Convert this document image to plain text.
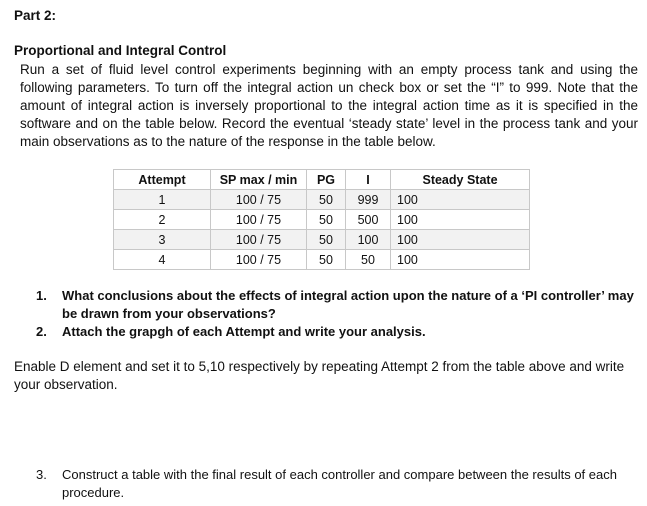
Part 2:
Proportional and Integral Control

Run a set of fluid level control experiments beginning with an empty process tank and using the following parameters. To turn off the integral action un check box or set the “I” to 999. Note that the amount of integral action is inversely proportional to the integral action time as it is specified in the software and on the table below. Record the eventual ‘steady state’ level in the process tank and your main observations as to the nature of the response in the table below.

Attempt	SP max / min	PG	I	Steady State
1	100 / 75	50	999	100
2	100 / 75	50	500	100
3	100 / 75	50	100	100
4	100 / 75	50	50	100
1.	What conclusions about the effects of integral action upon the nature of a ‘PI controller’ may be drawn from your observations?
2.	Attach the grapgh of each Attempt and write your analysis.

Enable D element and set it to 5,10 respectively by repeating Attempt 2 from the table above and write your observation.

3.	Construct a table with the final result of each controller and compare between the results of each procedure.
